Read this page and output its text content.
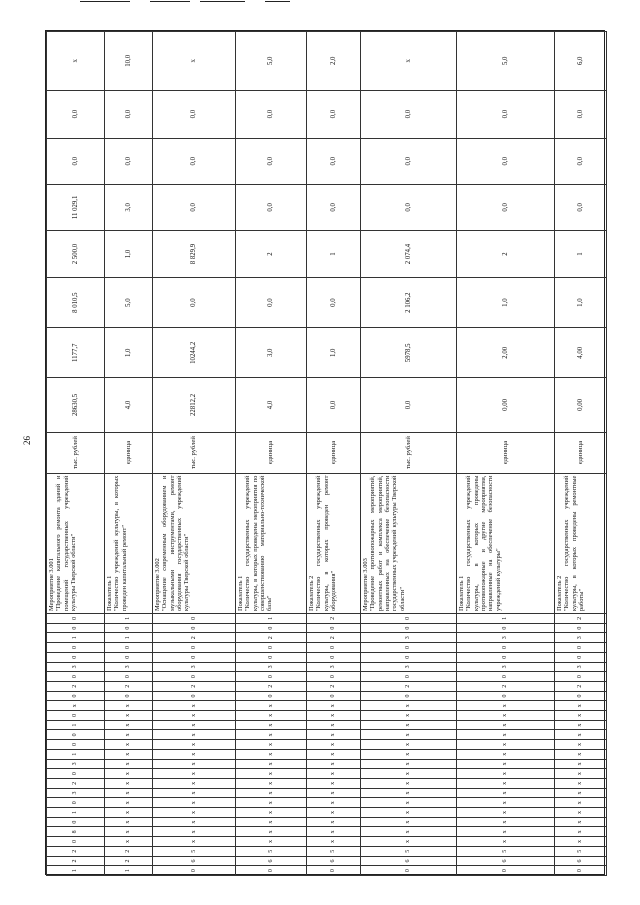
26
1	2	2	0	8	0	1	0	3	2	0	3	1	0	0	1	0	x	0	2	0	3	0	0	1	0	0	Мероприятие 3.001 "Проведение капитального ремонта зданий и помещений государственных учреждений культуры Тверской области"	тыс. рублей	28630,5	1177,7	8 010,5	2 500,0	11 029,1	0,0	0,0	x
1	2	2	x	x	x	x	x	x	x	x	x	x	x	x	x	x	x	0	2	0	3	0	0	1	0	1	Показатель 1 "Количество учреждений культуры, в которых проведен капитальный ремонт"	единица	4,0	1,0	5,0	1,0	3,0	0,0	0,0	10,0
0	6	5	x	x	x	x	x	x	x	x	x	x	x	x	x	x	x	0	2	0	3	0	0	2	0	0	Мероприятие 3.002 "Оснащение современным оборудованием и музыкальными инструментами, ремонт оборудования государственных учреждений культуры Тверской области"	тыс. рублей	22812,2	10244,2	0,0	8 829,9	0,0	0,0	0,0	x
0	6	5	x	x	x	x	x	x	x	x	x	x	x	x	x	x	x	0	2	0	3	0	0	2	0	1	Показатель 1 "Количество государственных учреждений культуры, в которых проведены мероприятия по совершенствованию материально-технической базы"	единица	4,0	3,0	0,0	2	0,0	0,0	0,0	5,0
0	6	5	x	x	x	x	x	x	x	x	x	x	x	x	x	x	x	0	2	0	3	0	0	2	0	2	Показатель 2 "Количество государственных учреждений культуры, в которых проведен ремонт оборудования"	единица	0,0	1,0	0,0	1	0,0	0,0	0,0	2,0
0	6	5	x	x	x	x	x	x	x	x	x	x	x	x	x	x	x	0	2	0	3	0	0	3	0	0	Мероприятие 3.003 "Проведение противопожарных мероприятий, ремонтных работ и комплекса мероприятий, направленных на обеспечение безопасности государственных учреждений культуры Тверской области"	тыс. рублей	0,0	5978,5	2 106,2	2 074,4	0,0	0,0	0,0	x
0	6	5	x	x	x	x	x	x	x	x	x	x	x	x	x	x	x	0	2	0	3	0	0	3	0	1	Показатель 1 "Количество государственных учреждений культуры, в которых проведены противопожарные и другие мероприятия, направленные на обеспечение безопасности учреждений культуры"	единица	0,00	2,00	1,0	2	0,0	0,0	0,0	5,0
0	6	5	x	x	x	x	x	x	x	x	x	x	x	x	x	x	x	0	2	0	3	0	0	3	0	2	Показатель 2 "Количество государственных учреждений культуры, в которых проведены ремонтные работы"	единица	0,00	4,00	1,0	1	0,0	0,0	0,0	6,0
